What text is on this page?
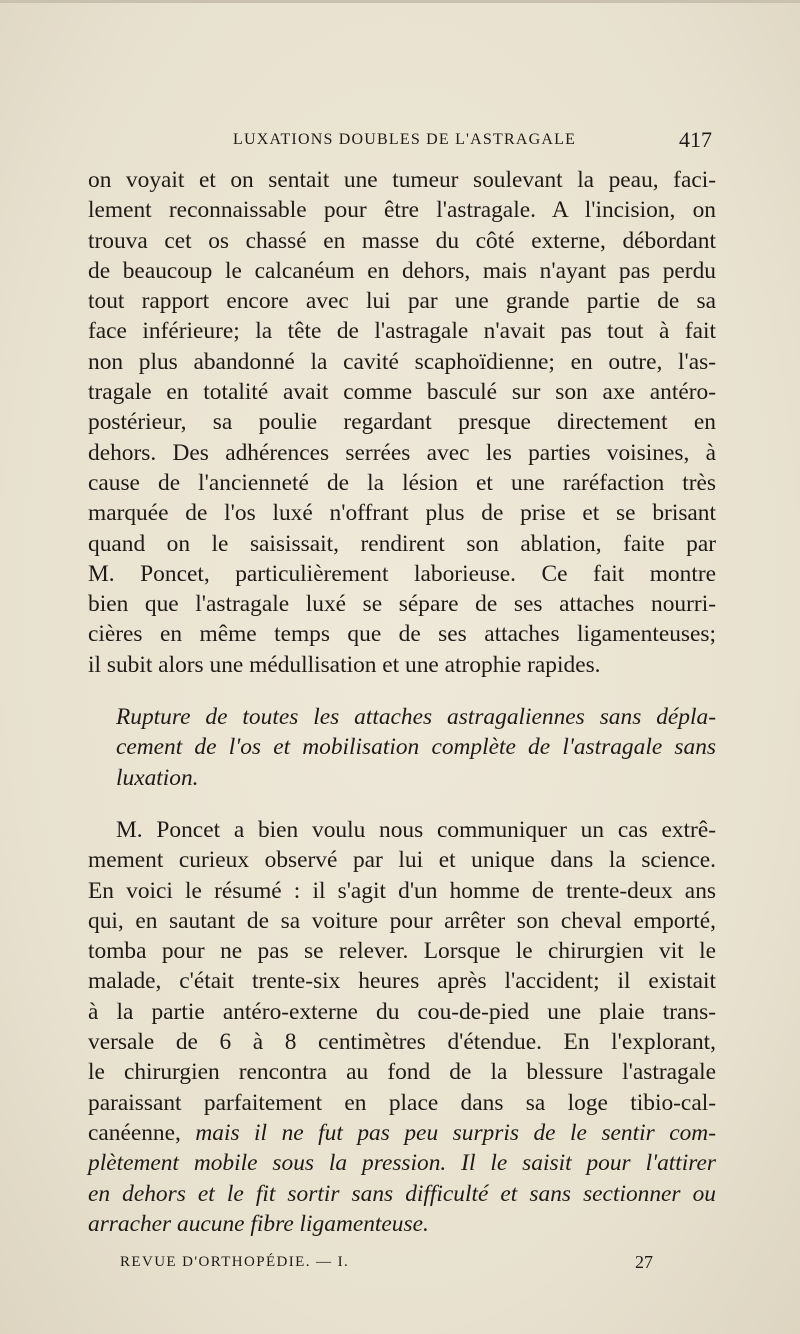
LUXATIONS DOUBLES DE L'ASTRAGALE	417
on voyait et on sentait une tumeur soulevant la peau, faci-
lement reconnaissable pour être l'astragale. A l'incision, on
trouva cet os chassé en masse du côté externe, débordant
de beaucoup le calcanéum en dehors, mais n'ayant pas perdu
tout rapport encore avec lui par une grande partie de sa
face inférieure; la tête de l'astragale n'avait pas tout à fait
non plus abandonné la cavité scaphoïdienne; en outre, l'as-
tragale en totalité avait comme basculé sur son axe antéro-
postérieur, sa poulie regardant presque directement en
dehors. Des adhérences serrées avec les parties voisines, à
cause de l'ancienneté de la lésion et une raréfaction très
marquée de l'os luxé n'offrant plus de prise et se brisant
quand on le saisissait, rendirent son ablation, faite par
M. Poncet, particulièrement laborieuse. Ce fait montre
bien que l'astragale luxé se sépare de ses attaches nourri-
cières en même temps que de ses attaches ligamenteuses;
il subit alors une médullisation et une atrophie rapides.
Rupture de toutes les attaches astragaliennes sans dépla-
cement de l'os et mobilisation complète de l'astragale sans
luxation.
M. Poncet a bien voulu nous communiquer un cas extrê-
mement curieux observé par lui et unique dans la science.
En voici le résumé : il s'agit d'un homme de trente-deux ans
qui, en sautant de sa voiture pour arrêter son cheval emporté,
tomba pour ne pas se relever. Lorsque le chirurgien vit le
malade, c'était trente-six heures après l'accident; il existait
à la partie antéro-externe du cou-de-pied une plaie trans-
versale de 6 à 8 centimètres d'étendue. En l'explorant,
le chirurgien rencontra au fond de la blessure l'astragale
paraissant parfaitement en place dans sa loge tibio-cal-
canéenne, mais il ne fut pas peu surpris de le sentir com-
plètement mobile sous la pression. Il le saisit pour l'attirer
en dehors et le fit sortir sans difficulté et sans sectionner ou
arracher aucune fibre ligamenteuse.
REVUE D'ORTHOPÉDIE. — I.	27
